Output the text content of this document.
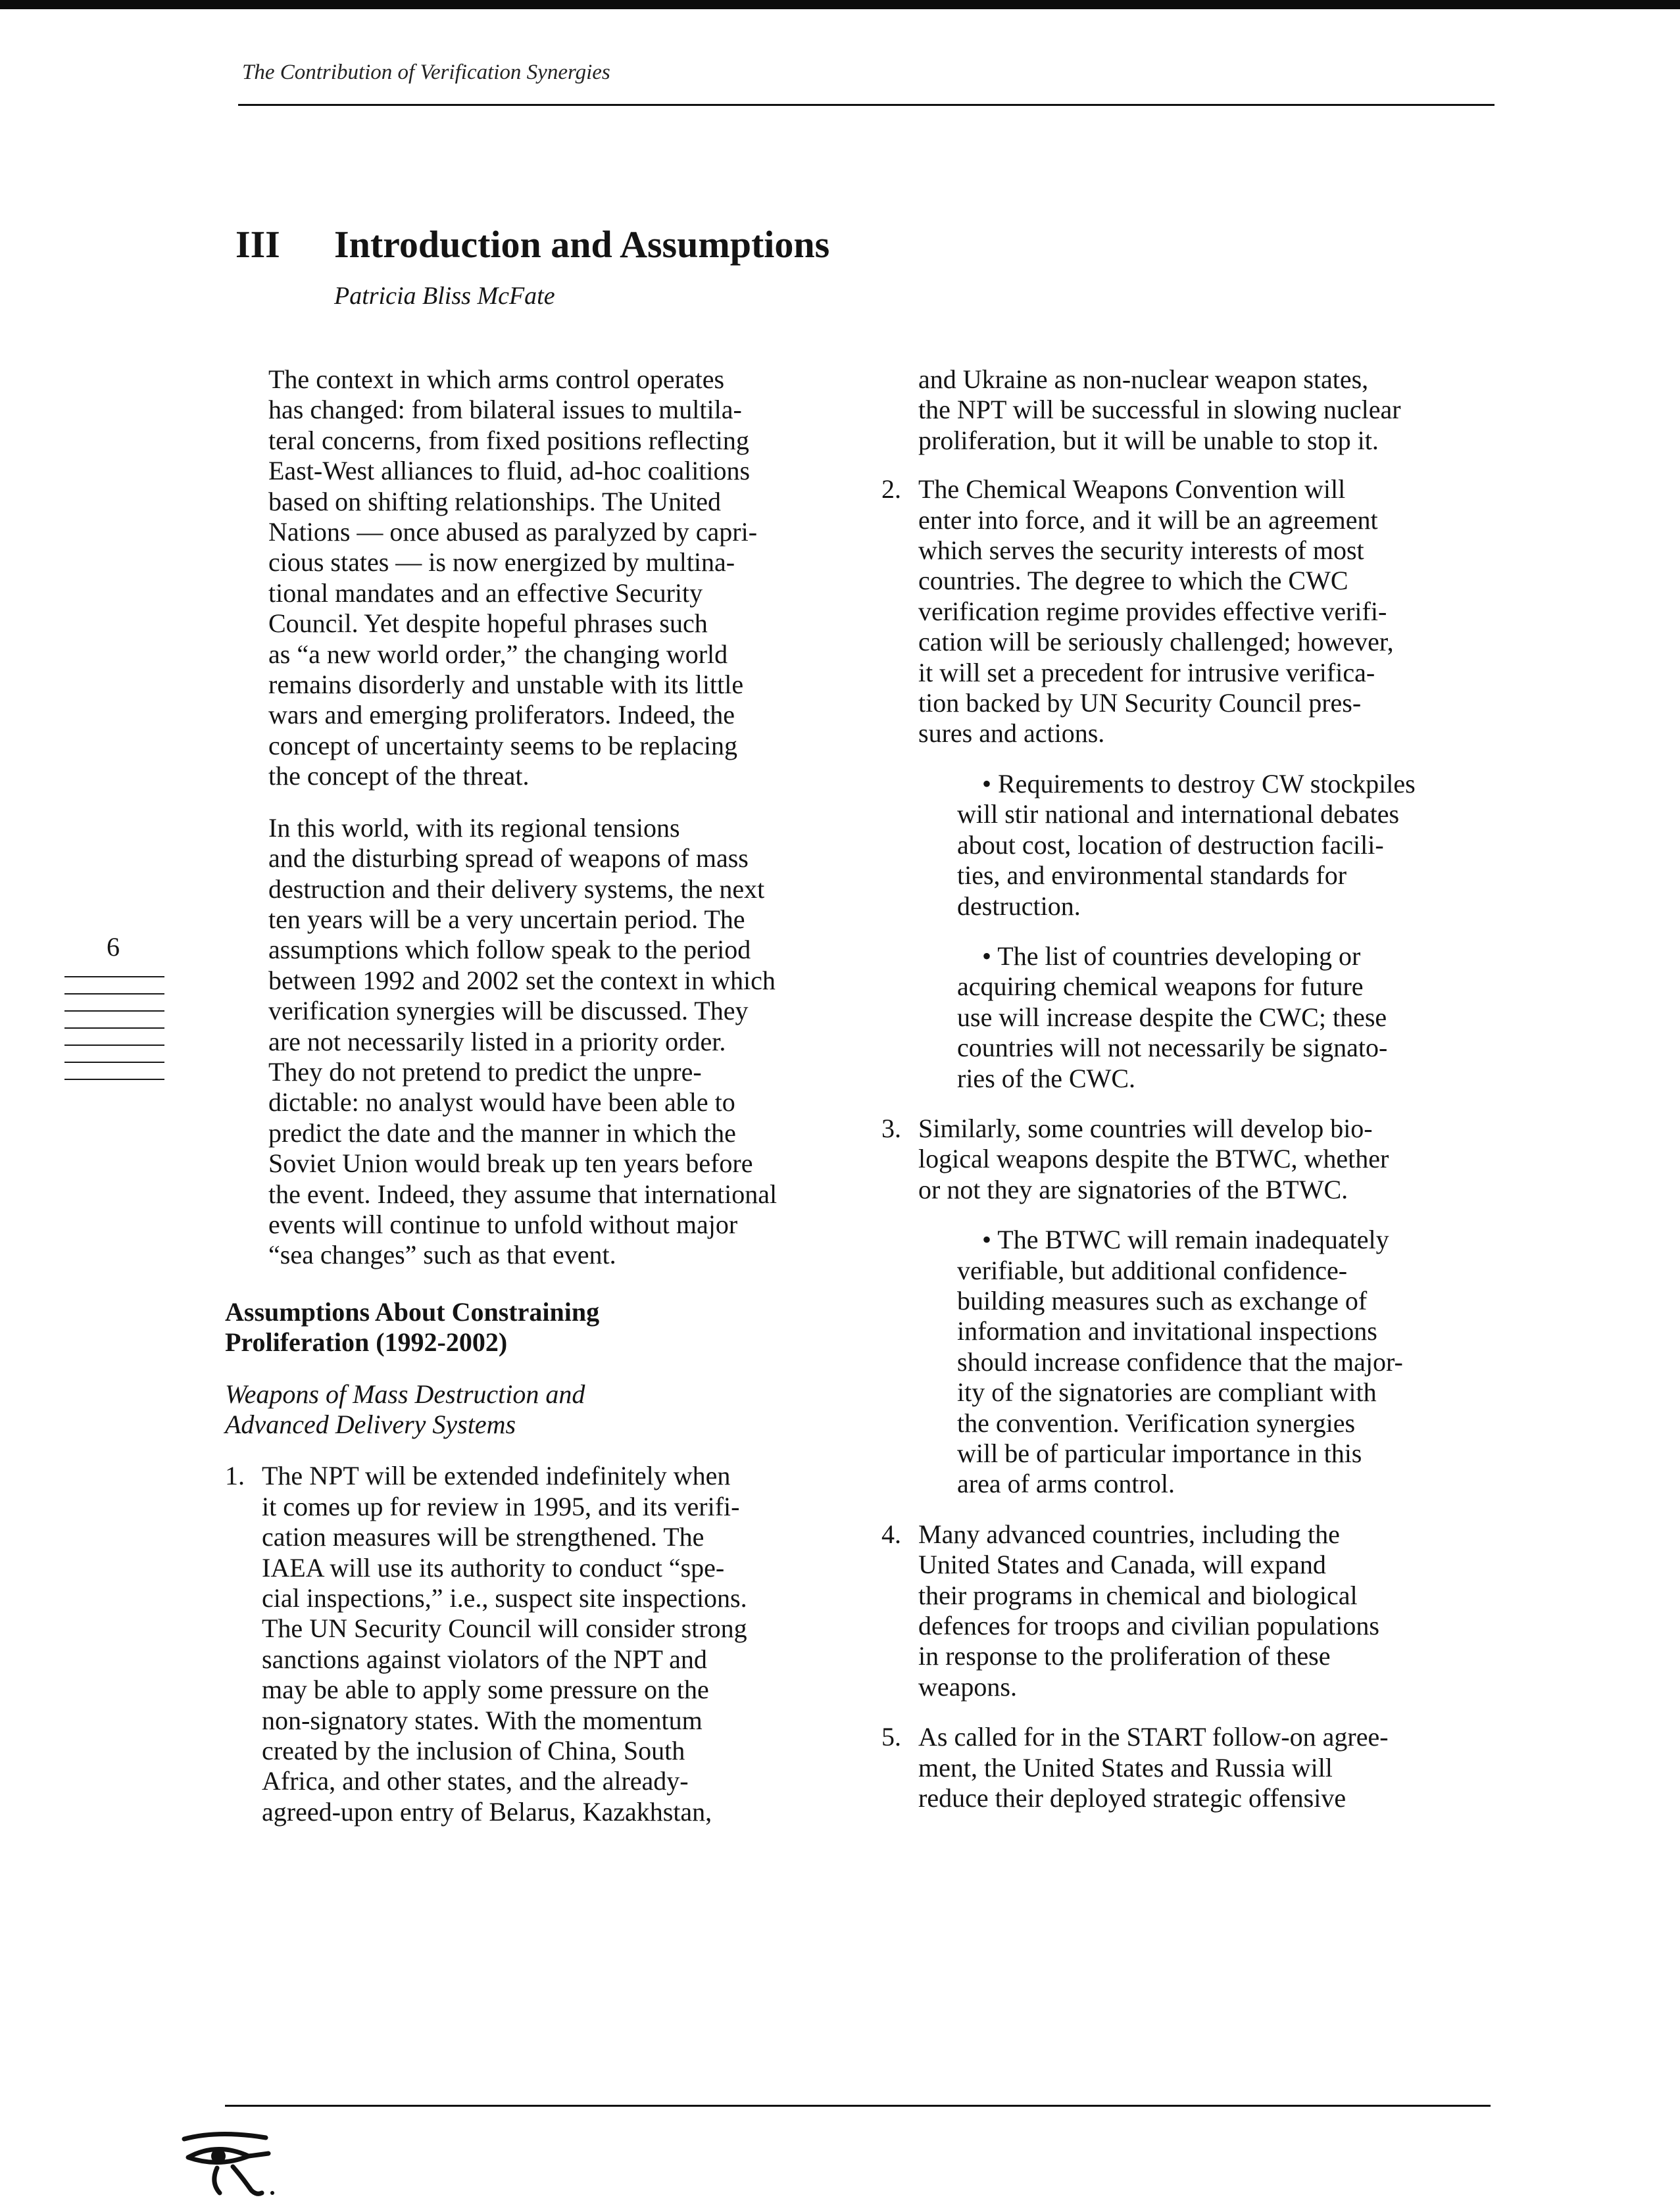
The Contribution of Verification Synergies
III Introduction and Assumptions
Patricia Bliss McFate

The context in which arms control operates

has changed: from bilateral issues to multila-

teral concerns, from fixed positions reflecting

East-West alliances to fluid, ad-hoc coalitions

based on shifting relationships. The United

Nations — once abused as paralyzed by capri-

cious states — is now energized by multina-

tional mandates and an effective Security

Council. Yet despite hopeful phrases such

as “a new world order,” the changing world

remains disorderly and unstable with its little

wars and emerging proliferators. Indeed, the

concept of uncertainty seems to be replacing

the concept of the threat.

In this world, with its regional tensions

and the disturbing spread of weapons of mass

destruction and their delivery systems, the next

ten years will be a very uncertain period. The

assumptions which follow speak to the period

between 1992 and 2002 set the context in which

verification synergies will be discussed. They

are not necessarily listed in a priority order.

They do not pretend to predict the unpre-

dictable: no analyst would have been able to

predict the date and the manner in which the

Soviet Union would break up ten years before

the event. Indeed, they assume that international

events will continue to unfold without major

“sea changes” such as that event.

Assumptions About Constraining

Proliferation (1992-2002)

Weapons of Mass Destruction and

Advanced Delivery Systems

1. The NPT will be extended indefinitely when

it comes up for review in 1995, and its verifi-

cation measures will be strengthened. The

IAEA will use its authority to conduct “spe-

cial inspections,” i.e., suspect site inspections.

The UN Security Council will consider strong

sanctions against violators of the NPT and

may be able to apply some pressure on the

non-signatory states. With the momentum

created by the inclusion of China, South

Africa, and other states, and the already-

agreed-upon entry of Belarus, Kazakhstan,

and Ukraine as non-nuclear weapon states,

the NPT will be successful in slowing nuclear

proliferation, but it will be unable to stop it.

2. The Chemical Weapons Convention will

enter into force, and it will be an agreement

which serves the security interests of most

countries. The degree to which the CWC

verification regime provides effective verifi-

cation will be seriously challenged; however,

it will set a precedent for intrusive verifica-

tion backed by UN Security Council pres-

sures and actions.

• Requirements to destroy CW stockpiles

will stir national and international debates

about cost, location of destruction facili-

ties, and environmental standards for

destruction.

• The list of countries developing or

acquiring chemical weapons for future

use will increase despite the CWC; these

countries will not necessarily be signato-

ries of the CWC.

3. Similarly, some countries will develop bio-

logical weapons despite the BTWC, whether

or not they are signatories of the BTWC.

• The BTWC will remain inadequately

verifiable, but additional confidence-

building measures such as exchange of

information and invitational inspections

should increase confidence that the major-

ity of the signatories are compliant with

the convention. Verification synergies

will be of particular importance in this

area of arms control.

4. Many advanced countries, including the

United States and Canada, will expand

their programs in chemical and biological

defences for troops and civilian populations

in response to the proliferation of these

weapons.

5. As called for in the START follow-on agree-

ment, the United States and Russia will

reduce their deployed strategic offensive

6
